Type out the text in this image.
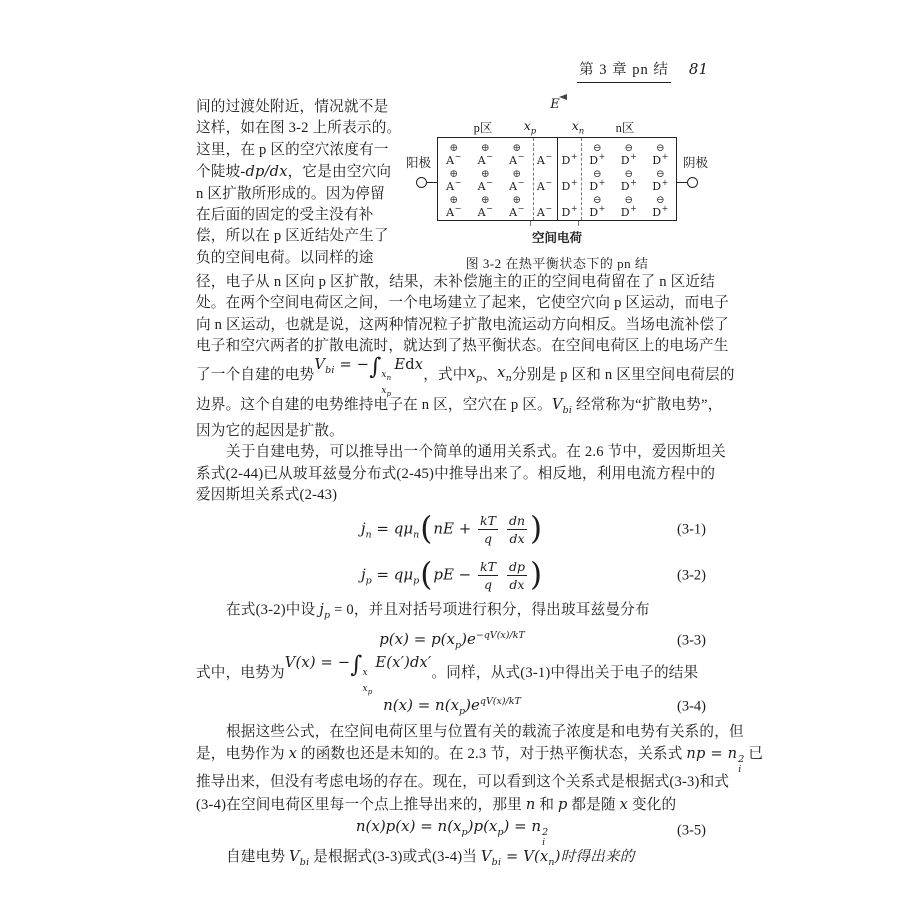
第 3 章 pn 结 81
间的过渡处附近，情况就不是
这样，如在图 3-2 上所表示的。
这里，在 p 区的空穴浓度有一
个陡坡-dp/dx，它是由空穴向
n 区扩散所形成的。因为停留
在后面的固定的受主没有补
偿，所以在 p 区近结处产生了
负的空间电荷。以同样的途
E
p区	$x_p$	$x_n$	n区
阳极
⊕	⊕	⊕
A−	A−	A−	A−
⊕	⊕	⊕
A−	A−	A−	A−
⊕	⊕	⊕
A−	A−	A−	A−
⊖	⊖	⊖
D+	D+	D+	D+
⊖	⊖	⊖
D+	D+	D+	D+
⊖	⊖	⊖
D+	D+	D+	D+
阴极
空间电荷
图 3-2 在热平衡状态下的 pn 结
径，电子从 n 区向 p 区扩散，结果，未补偿施主的正的空间电荷留在了 n 区近结
处。在两个空间电荷区之间，一个电场建立了起来，它使空穴向 p 区运动，而电子
向 n 区运动，也就是说，这两种情况粒子扩散电流运动方向相反。当场电流补偿了
电子和空穴两者的扩散电流时，就达到了热平衡状态。在空间电荷区上的电场产生
了一个自建的电势
$V_{bi}$ = −∫ $x_n$
$x_p$
Edx
，式中 $x_p$ 、 $x_n$ 分别是 p 区和 n 区里空间电荷层的
边界。这个自建的电势维持电子在 n 区，空穴在 p 区。$V_{bi}$ 经常称为“扩散电势”，
因为它的起因是扩散。
关于自建电势，可以推导出一个简单的通用关系式。在 2.6 节中，爱因斯坦关
系式(2-44)已从玻耳兹曼分布式(2-45)中推导出来了。相反地，利用电流方程中的
爱因斯坦关系式(2-43)
$j_n = q\mu_n(nE + \frac{kT}{q} \frac{dn}{dx}$ )	(3-1)
$j_p = q\mu_p(pE - \frac{kT}{q} \frac{dp}{dx}$ )	(3-2)
在式(3-2)中设 $j_p = 0$，并且对括号项进行积分，得出玻耳兹曼分布
$p(x) = p(x_p)e^{-qV(x)/kT}$	(3-3)
式中，电势为
V(x) = −∫ x
$x_p$
E(x′)dx′
。同样，从式(3-1)中得出关于电子的结果
$n(x) = n(x_p)e^{qV(x)/kT}$	(3-4)
根据这些公式，在空间电荷区里与位置有关的载流子浓度是和电势有关系的，但
是，电势作为 x 的函数也还是未知的。在 2.3 节，对于热平衡状态，关系式 np = n 2
i
已
推导出来，但没有考虑电场的存在。现在，可以看到这个关系式是根据式(3-3)和式
(3-4)在空间电荷区里每一个点上推导出来的，那里 n 和 p 都是随 x 变化的
$n(x)p(x) = n(x_p)p(x_p) = n$ 2
i
(3-5)
自建电势 $V_{bi}$ 是根据式(3-3)或式(3-4)当 $V_{bi} = V(x_n)$时得出来的
